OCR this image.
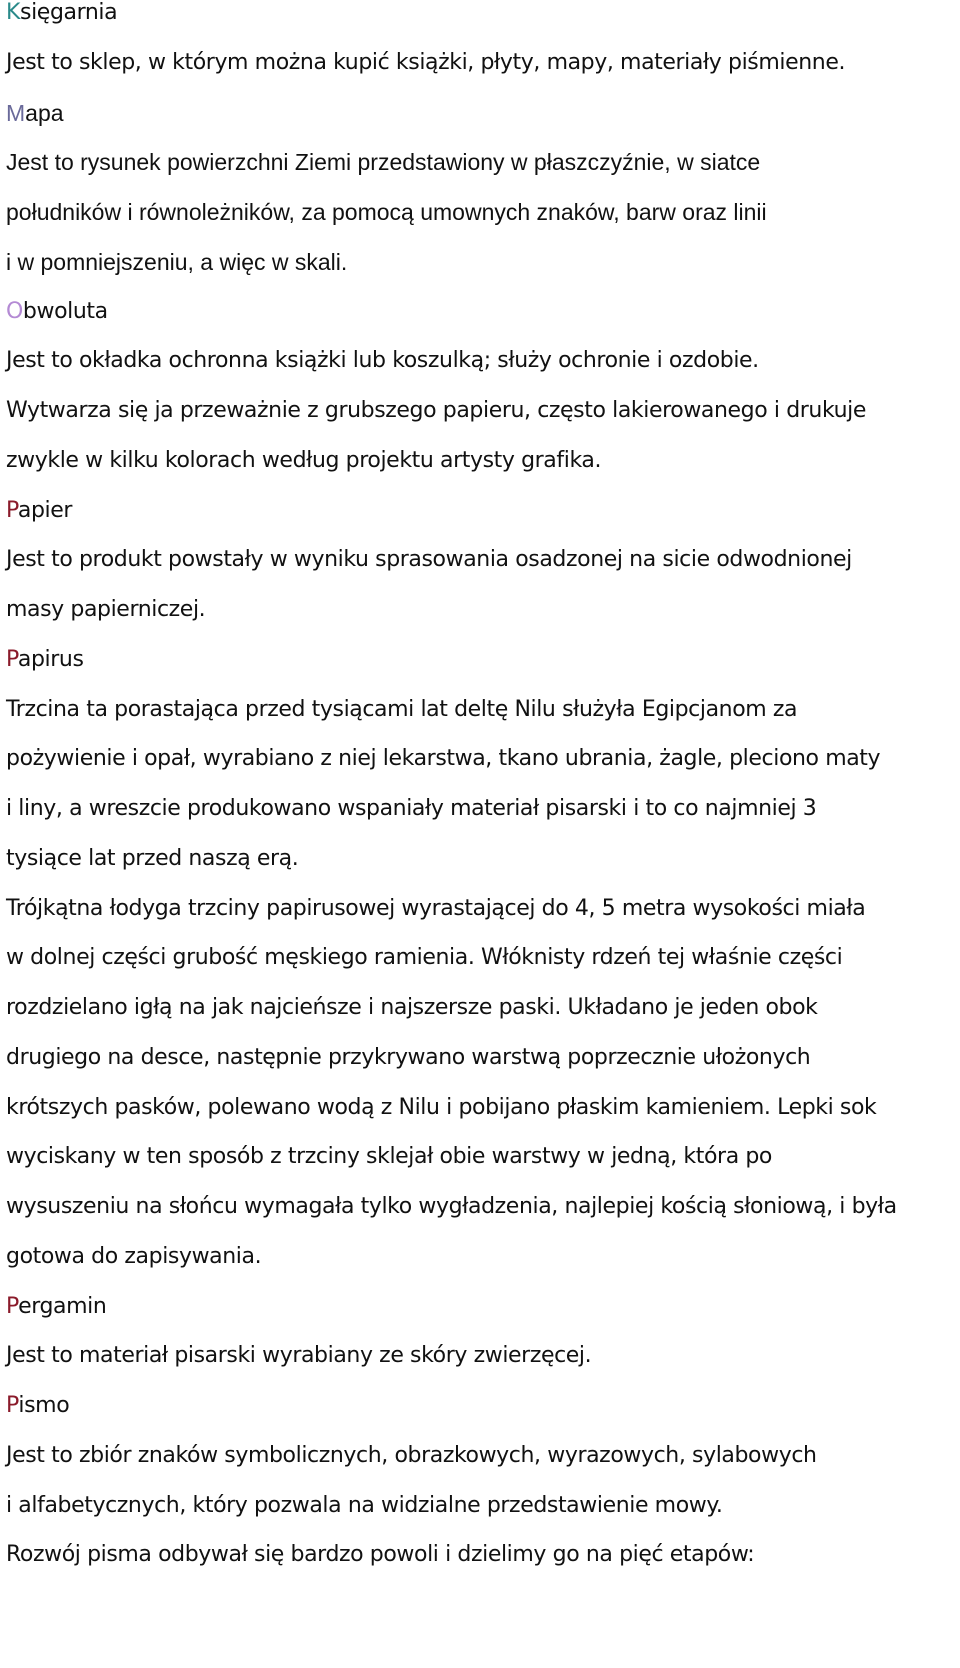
Księgarnia
Jest to sklep, w którym można kupić książki, płyty, mapy, materiały piśmienne.
Mapa
Jest to rysunek powierzchni Ziemi przedstawiony w płaszczyźnie, w siatce
południków i równoleżników, za pomocą umownych znaków, barw oraz linii
i w pomniejszeniu, a więc w skali.
Obwoluta
Jest to okładka ochronna książki lub koszulką; służy ochronie i ozdobie.
Wytwarza się ja przeważnie z grubszego papieru, często lakierowanego i drukuje
zwykle w kilku kolorach według projektu artysty grafika.
Papier
Jest to produkt powstały w wyniku sprasowania osadzonej na sicie odwodnionej
masy papierniczej.
Papirus
Trzcina ta porastająca przed tysiącami lat deltę Nilu służyła Egipcjanom za
pożywienie i opał, wyrabiano z niej lekarstwa, tkano ubrania, żagle, pleciono maty
i liny, a wreszcie produkowano wspaniały materiał pisarski i to co najmniej 3
tysiące lat przed naszą erą.
Trójkątna łodyga trzciny papirusowej wyrastającej do 4, 5 metra wysokości miała
w dolnej części grubość męskiego ramienia. Włóknisty rdzeń tej właśnie części
rozdzielano igłą na jak najcieńsze i najszersze paski. Układano je jeden obok
drugiego na desce, następnie przykrywano warstwą poprzecznie ułożonych
krótszych pasków, polewano wodą z Nilu i pobijano płaskim kamieniem. Lepki sok
wyciskany w ten sposób z trzciny sklejał obie warstwy w jedną, która po
wysuszeniu na słońcu wymagała tylko wygładzenia, najlepiej kością słoniową, i była
gotowa do zapisywania.
Pergamin
Jest to materiał pisarski wyrabiany ze skóry zwierzęcej.
Pismo
Jest to zbiór znaków symbolicznych, obrazkowych, wyrazowych, sylabowych
i alfabetycznych, który pozwala na widzialne przedstawienie mowy.
Rozwój pisma odbywał się bardzo powoli i dzielimy go na pięć etapów:
